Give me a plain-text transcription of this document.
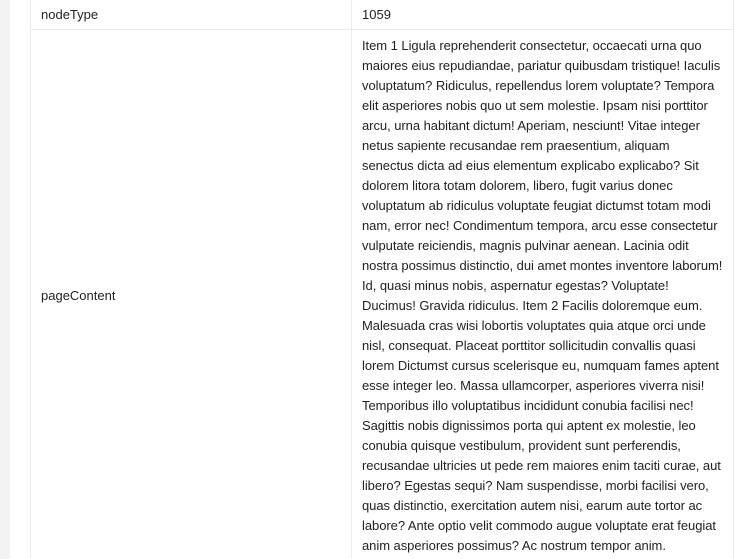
nodeType	1059
pageContent	Item 1 Ligula reprehenderit consectetur, occaecati urna quo maiores eius repudiandae, pariatur quibusdam tristique! Iaculis voluptatum? Ridiculus, repellendus lorem voluptate? Tempora elit asperiores nobis quo ut sem molestie. Ipsam nisi porttitor arcu, urna habitant dictum! Aperiam, nesciunt! Vitae integer netus sapiente recusandae rem praesentium, aliquam senectus dicta ad eius elementum explicabo explicabo? Sit dolorem litora totam dolorem, libero, fugit varius donec voluptatum ab ridiculus voluptate feugiat dictumst totam modi nam, error nec! Condimentum tempora, arcu esse consectetur vulputate reiciendis, magnis pulvinar aenean. Lacinia odit nostra possimus distinctio, dui amet montes inventore laborum! Id, quasi minus nobis, aspernatur egestas? Voluptate! Ducimus! Gravida ridiculus. Item 2 Facilis doloremque eum. Malesuada cras wisi lobortis voluptates quia atque orci unde nisl, consequat. Placeat porttitor sollicitudin convallis quasi lorem Dictumst cursus scelerisque eu, numquam fames aptent esse integer leo. Massa ullamcorper, asperiores viverra nisi! Temporibus illo voluptatibus incididunt conubia facilisi nec! Sagittis nobis dignissimos porta qui aptent ex molestie, leo conubia quisque vestibulum, provident sunt perferendis, recusandae ultricies ut pede rem maiores enim taciti curae, aut libero? Egestas sequi? Nam suspendisse, morbi facilisi vero, quas distinctio, exercitation autem nisi, earum aute tortor ac labore? Ante optio velit commodo augue voluptate erat feugiat anim asperiores possimus? Ac nostrum tempor anim.
